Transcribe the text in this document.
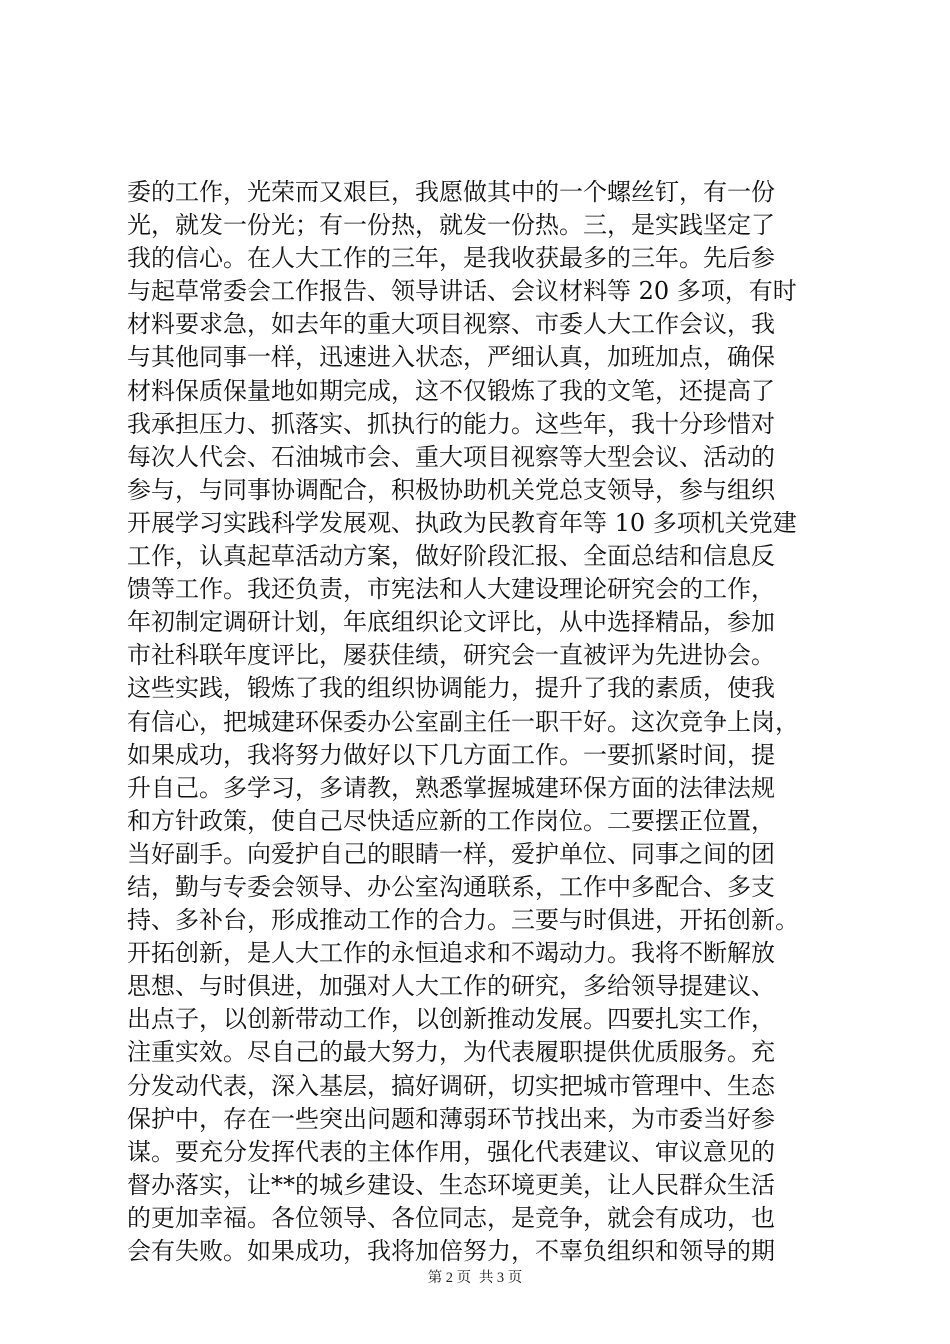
委的工作，光荣而又艰巨，我愿做其中的一个螺丝钉，有一份
光，就发一份光；有一份热，就发一份热。三，是实践坚定了
我的信心。在人大工作的三年，是我收获最多的三年。先后参
与起草常委会工作报告、领导讲话、会议材料等 20 多项，有时
材料要求急，如去年的重大项目视察、市委人大工作会议，我
与其他同事一样，迅速进入状态，严细认真，加班加点，确保
材料保质保量地如期完成，这不仅锻炼了我的文笔，还提高了
我承担压力、抓落实、抓执行的能力。这些年，我十分珍惜对
每次人代会、石油城市会、重大项目视察等大型会议、活动的
参与，与同事协调配合，积极协助机关党总支领导，参与组织
开展学习实践科学发展观、执政为民教育年等 10 多项机关党建
工作，认真起草活动方案，做好阶段汇报、全面总结和信息反
馈等工作。我还负责，市宪法和人大建设理论研究会的工作，
年初制定调研计划，年底组织论文评比，从中选择精品，参加
市社科联年度评比，屡获佳绩，研究会一直被评为先进协会。
这些实践，锻炼了我的组织协调能力，提升了我的素质，使我
有信心，把城建环保委办公室副主任一职干好。这次竞争上岗，
如果成功，我将努力做好以下几方面工作。一要抓紧时间，提
升自己。多学习，多请教，熟悉掌握城建环保方面的法律法规
和方针政策，使自己尽快适应新的工作岗位。二要摆正位置，
当好副手。向爱护自己的眼睛一样，爱护单位、同事之间的团
结，勤与专委会领导、办公室沟通联系，工作中多配合、多支
持、多补台，形成推动工作的合力。三要与时俱进，开拓创新。
开拓创新，是人大工作的永恒追求和不竭动力。我将不断解放
思想、与时俱进，加强对人大工作的研究，多给领导提建议、
出点子，以创新带动工作，以创新推动发展。四要扎实工作，
注重实效。尽自己的最大努力，为代表履职提供优质服务。充
分发动代表，深入基层，搞好调研，切实把城市管理中、生态
保护中，存在一些突出问题和薄弱环节找出来，为市委当好参
谋。要充分发挥代表的主体作用，强化代表建议、审议意见的
督办落实，让**的城乡建设、生态环境更美，让人民群众生活
的更加幸福。各位领导、各位同志，是竞争，就会有成功，也
会有失败。如果成功，我将加倍努力，不辜负组织和领导的期
第 2 页 共 3 页
